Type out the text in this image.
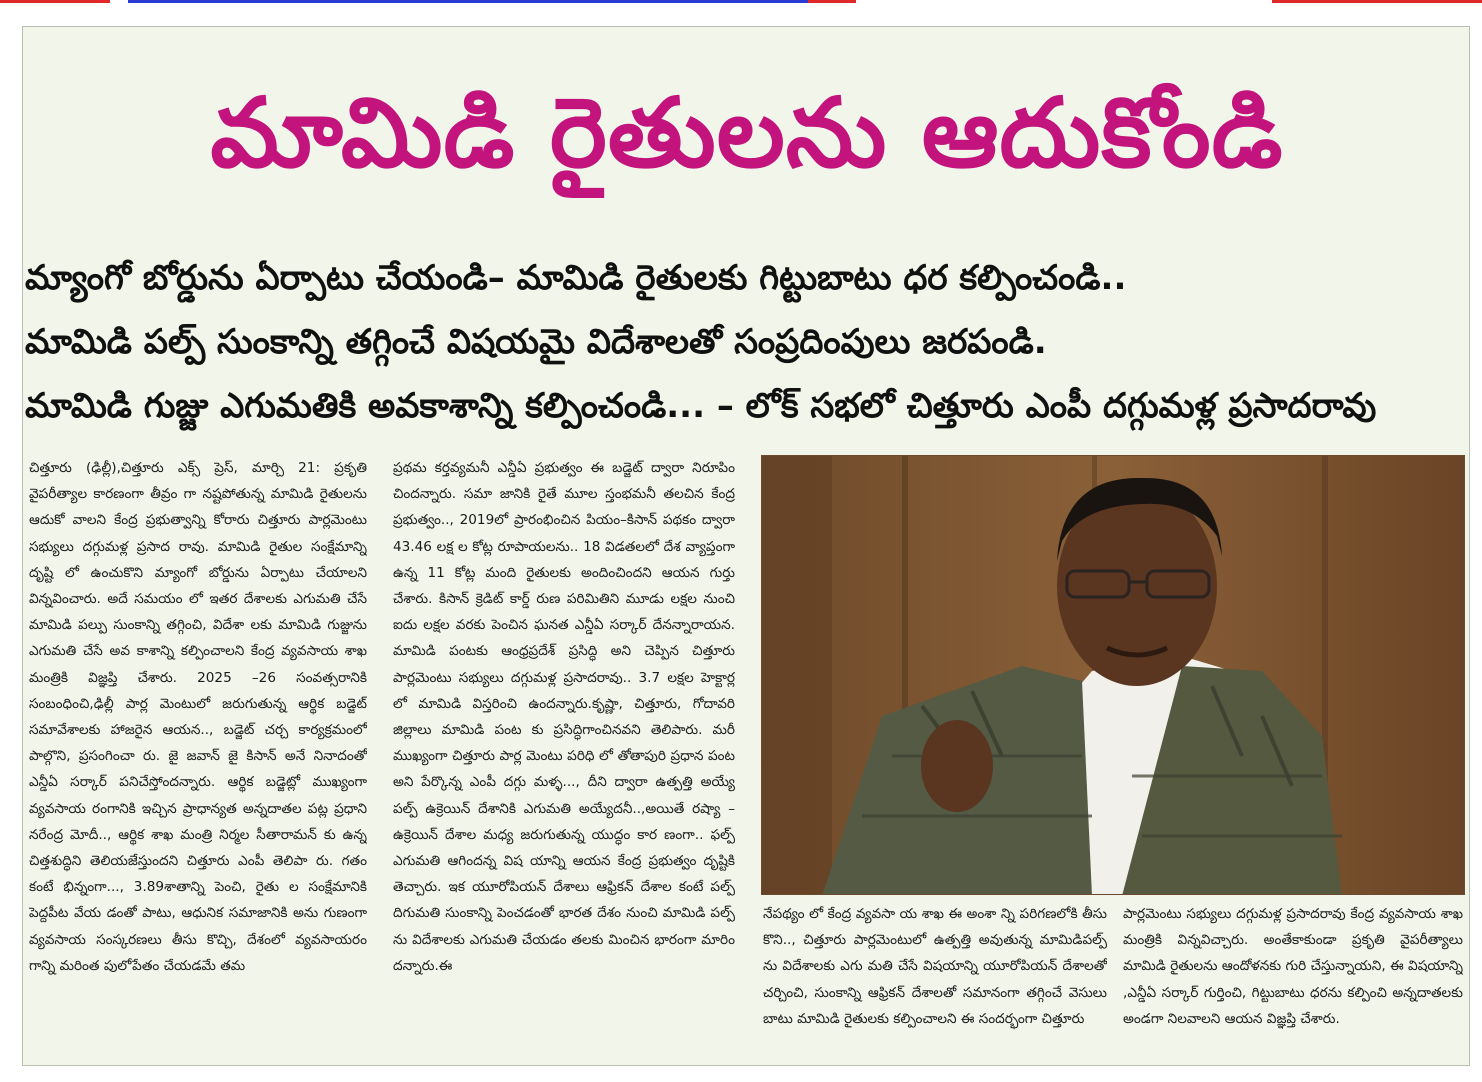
మామిడి రైతులను ఆదుకోండి
మ్యాంగో బోర్డును ఏర్పాటు చేయండి– మామిడి రైతులకు గిట్టుబాటు ధర కల్పించండి..
మామిడి పల్ప్ సుంకాన్ని తగ్గించే విషయమై విదేశాలతో సంప్రదింపులు జరపండి.
మామిడి గుజ్జు ఎగుమతికి అవకాశాన్ని కల్పించండి... – లోక్ సభలో చిత్తూరు ఎంపీ దగ్గుమళ్ల ప్రసాదరావు

చిత్తూరు (ఢిల్లీ),చిత్తూరు ఎక్స్ ప్రెస్, మార్చి 21: ప్రకృతి వైపరీత్యాల కారణంగా తీవ్రం గా నష్టపోతున్న మామిడి రైతులను ఆదుకో వాలని కేంద్ర ప్రభుత్వాన్ని కోరారు చిత్తూరు పార్లమెంటు సభ్యులు దగ్గుమళ్ల ప్రసాద రావు. మామిడి రైతుల సంక్షేమాన్ని దృష్టి లో ఉంచుకొని మ్యాంగో బోర్డును ఏర్పాటు చేయాలని విన్నవించారు. అదే సమయం లో ఇతర దేశాలకు ఎగుమతి చేసే మామిడి పల్పు సుంకాన్ని తగ్గించి, విదేశా లకు మామిడి గుజ్జును ఎగుమతి చేసే అవ కాశాన్ని కల్పించాలని కేంద్ర వ్యవసాయ శాఖ మంత్రికి విజ్ఞప్తి చేశారు. 2025 –26 సంవత్సరానికి సంబంధించి,ఢిల్లీ పార్ల మెంటులో జరుగుతున్న ఆర్థిక బడ్జెట్ సమావేశాలకు హాజరైన ఆయన.., బడ్జెట్ చర్చ కార్యక్రమంలో పాల్గొని, ప్రసంగించా రు. జై జవాన్ జై కిసాన్ అనే నినాదంతో ఎన్డీఏ సర్కార్ పనిచేస్తోందన్నారు. ఆర్థిక బడ్జెట్లో ముఖ్యంగా వ్యవసాయ రంగానికి ఇచ్చిన ప్రాధాన్యత అన్నదాతల పట్ల ప్రధాని నరేంద్ర మోదీ.., ఆర్థిక శాఖ మంత్రి నిర్మల సీతారామన్ కు ఉన్న చిత్తశుద్ధిని తెలియజేస్తుందని చిత్తూరు ఎంపీ తెలిపా రు. గతం కంటే భిన్నంగా..., 3.89శాతాన్ని పెంచి, రైతు ల సంక్షేమానికి పెద్దపీట వేయ డంతో పాటు, ఆధునిక సమాజానికి అను గుణంగా వ్యవసాయ సంస్కరణలు తీసు కొచ్చి, దేశంలో వ్యవసాయరం గాన్ని మరింత పులోపేతం చేయడమే తమ

ప్రథమ కర్తవ్యమనీ ఎన్డీఏ ప్రభుత్వం ఈ బడ్జెట్ ద్వారా నిరూపిం చిందన్నారు. సమా జానికి రైతే మూల స్తంభమనీ తలచిన కేంద్ర ప్రభుత్వం.., 2019లో ప్రారంభించిన పియం–కిసాన్ పథకం ద్వారా 43.46 లక్ష ల కోట్ల రూపాయలను.. 18 విడతలలో దేశ వ్యాప్తంగా ఉన్న 11 కోట్ల మంది రైతులకు అందించిందని ఆయన గుర్తు చేశారు. కిసాన్ క్రెడిట్ కార్డ్ రుణ పరిమితిని మూడు లక్షల నుంచి ఐదు లక్షల వరకు పెంచిన ఘనత ఎన్డీఏ సర్కార్ దేనన్నారాయన. మామిడి పంటకు ఆంధ్రప్రదేశ్ ప్రసిద్ధి అని చెప్పిన చిత్తూరు పార్లమెంటు సభ్యులు దగ్గుమళ్ల ప్రసాదరావు.. 3.7 లక్షల హెక్టార్ల లో మామిడి విస్తరించి ఉందన్నారు.కృష్ణా, చిత్తూరు, గోదావరి జిల్లాలు మామిడి పంట కు ప్రసిద్ధిగాంచినవని తెలిపారు. మరీ ముఖ్యంగా చిత్తూరు పార్ల మెంటు పరిధి లో తోతాపురి ప్రధాన పంట అని పేర్కొన్న ఎంపీ దగ్గు మళ్ళ..., దీని ద్వారా ఉత్పత్తి అయ్యే పల్ప్ ఉక్రెయిన్ దేశానికి ఎగుమతి అయ్యేదనీ..,అయితే రష్యా – ఉక్రెయిన్ దేశాల మధ్య జరుగుతున్న యుద్ధం కార ణంగా.. ఫల్ప్ ఎగుమతి ఆగిందన్న విష యాన్ని ఆయన కేంద్ర ప్రభుత్వం దృష్టికి తెచ్చారు. ఇక యూరోపియన్ దేశాలు ఆఫ్రికన్ దేశాల కంటే పల్ప్ దిగుమతి సుంకాన్ని పెంచడంతో భారత దేశం నుంచి మామిడి పల్ప్ ను విదేశాలకు ఎగుమతి చేయడం తలకు మించిన భారంగా మారిం దన్నారు.ఈ

నేపథ్యం లో కేంద్ర వ్యవసా య శాఖ ఈ అంశా న్ని పరిగణలోకి తీసు కొని.., చిత్తూరు పార్లమెంటులో ఉత్పత్తి అవుతున్న మామిడిపల్ప్ ను విదేశాలకు ఎగు మతి చేసే విషయాన్ని యూరోపియన్ దేశాలతో చర్చించి, సుంకాన్ని ఆఫ్రికన్ దేశాలతో సమానంగా తగ్గించే వెసులు బాటు మామిడి రైతులకు కల్పించాలని ఈ సందర్భంగా చిత్తూరు

పార్లమెంటు సభ్యులు దగ్గుమళ్ల ప్రసాదరావు కేంద్ర వ్యవసాయ శాఖ మంత్రికి విన్నవిచ్చారు. అంతేకాకుండా ప్రకృతి వైపరీత్యాలు మామిడి రైతులను ఆందోళనకు గురి చేస్తున్నాయని, ఈ విషయాన్ని ,ఎన్డీఏ సర్కార్ గుర్తించి, గిట్టుబాటు ధరను కల్పించి అన్నదాతలకు అండగా నిలవాలని ఆయన విజ్ఞప్తి చేశారు.
